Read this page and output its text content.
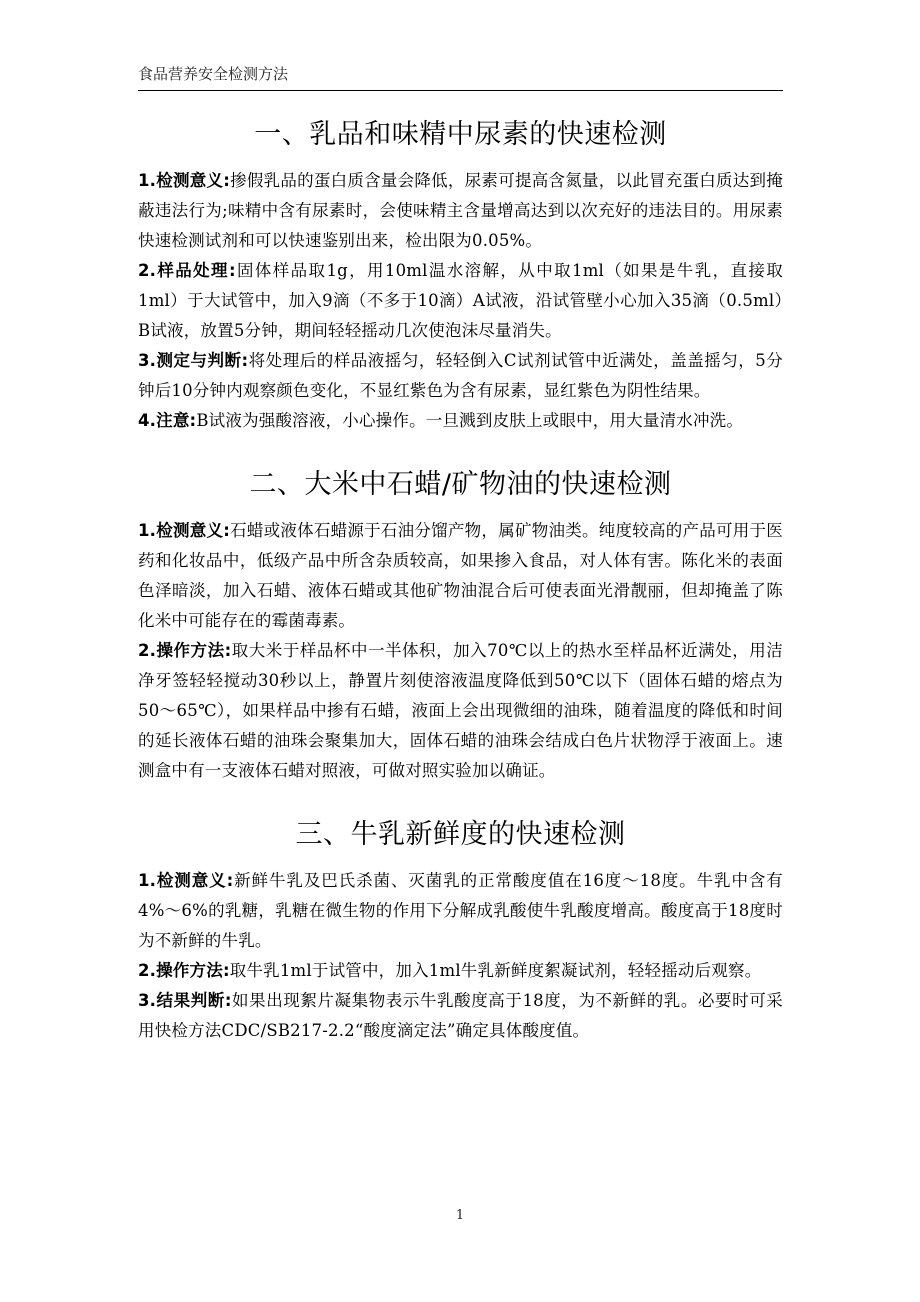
食品营养安全检测方法
一、乳品和味精中尿素的快速检测

1.检测意义:掺假乳品的蛋白质含量会降低，尿素可提高含氮量，以此冒充蛋白质达到掩蔽违法行为;味精中含有尿素时，会使味精主含量增高达到以次充好的违法目的。用尿素快速检测试剂和可以快速鉴别出来，检出限为0.05%。

2.样品处理:固体样品取1g，用10ml温水溶解，从中取1ml（如果是牛乳，直接取1ml）于大试管中，加入9滴（不多于10滴）A试液，沿试管壁小心加入35滴（0.5ml）B试液，放置5分钟，期间轻轻摇动几次使泡沫尽量消失。

3.测定与判断:将处理后的样品液摇匀，轻轻倒入C试剂试管中近满处，盖盖摇匀，5分钟后10分钟内观察颜色变化，不显红紫色为含有尿素，显红紫色为阴性结果。

4.注意:B试液为强酸溶液，小心操作。一旦溅到皮肤上或眼中，用大量清水冲洗。

二、大米中石蜡/矿物油的快速检测

1.检测意义:石蜡或液体石蜡源于石油分馏产物，属矿物油类。纯度较高的产品可用于医药和化妆品中，低级产品中所含杂质较高，如果掺入食品，对人体有害。陈化米的表面色泽暗淡，加入石蜡、液体石蜡或其他矿物油混合后可使表面光滑靓丽，但却掩盖了陈化米中可能存在的霉菌毒素。

2.操作方法:取大米于样品杯中一半体积，加入70℃以上的热水至样品杯近满处，用洁净牙签轻轻搅动30秒以上，静置片刻使溶液温度降低到50℃以下（固体石蜡的熔点为50～65℃），如果样品中掺有石蜡，液面上会出现微细的油珠，随着温度的降低和时间的延长液体石蜡的油珠会聚集加大，固体石蜡的油珠会结成白色片状物浮于液面上。速测盒中有一支液体石蜡对照液，可做对照实验加以确证。

三、牛乳新鲜度的快速检测

1.检测意义:新鲜牛乳及巴氏杀菌、灭菌乳的正常酸度值在16度～18度。牛乳中含有4%～6%的乳糖，乳糖在微生物的作用下分解成乳酸使牛乳酸度增高。酸度高于18度时为不新鲜的牛乳。

2.操作方法:取牛乳1ml于试管中，加入1ml牛乳新鲜度絮凝试剂，轻轻摇动后观察。

3.结果判断:如果出现絮片凝集物表示牛乳酸度高于18度，为不新鲜的乳。必要时可采用快检方法CDC/SB217-2.2“酸度滴定法”确定具体酸度值。

1
